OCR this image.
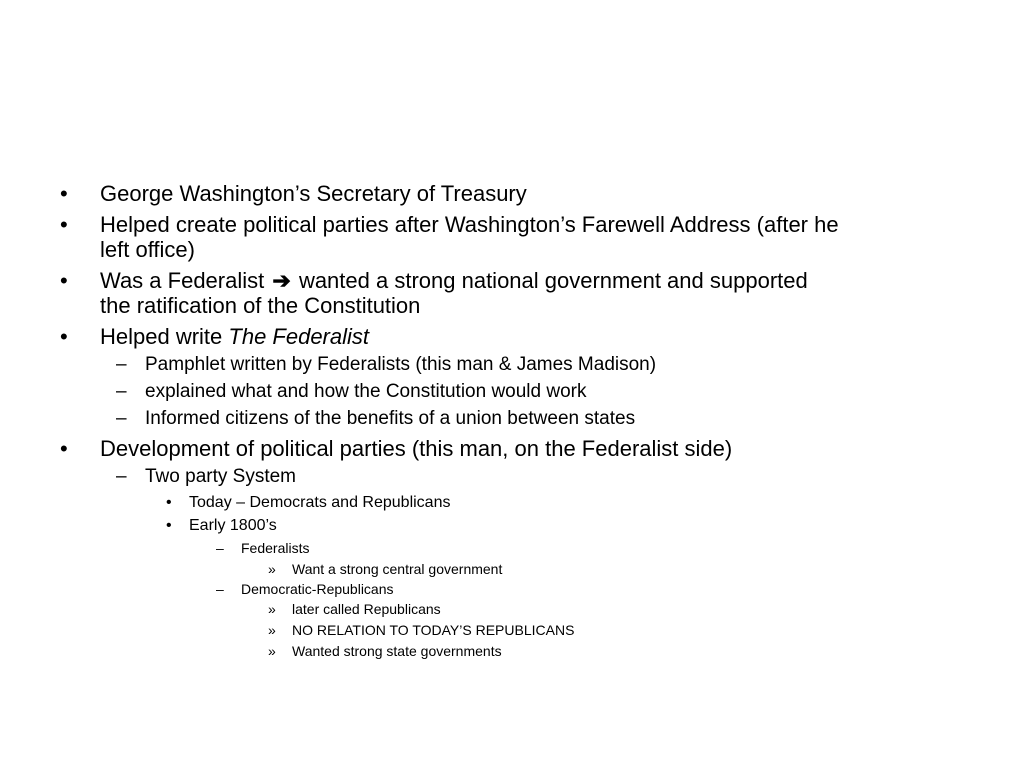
• George Washington’s Secretary of Treasury
• Helped create political parties after Washington’s Farewell Address (after he
left office)
• Was a Federalist ➔ wanted a strong national government and supported
the ratification of the Constitution
• Helped write The Federalist
– Pamphlet written by Federalists (this man & James Madison)
– explained what and how the Constitution would work
– Informed citizens of the benefits of a union between states
• Development of political parties (this man, on the Federalist side)
– Two party System
• Today – Democrats and Republicans
• Early 1800’s
– Federalists
» Want a strong central government
– Democratic-Republicans
» later called Republicans
» NO RELATION TO TODAY’S REPUBLICANS
» Wanted strong state governments
